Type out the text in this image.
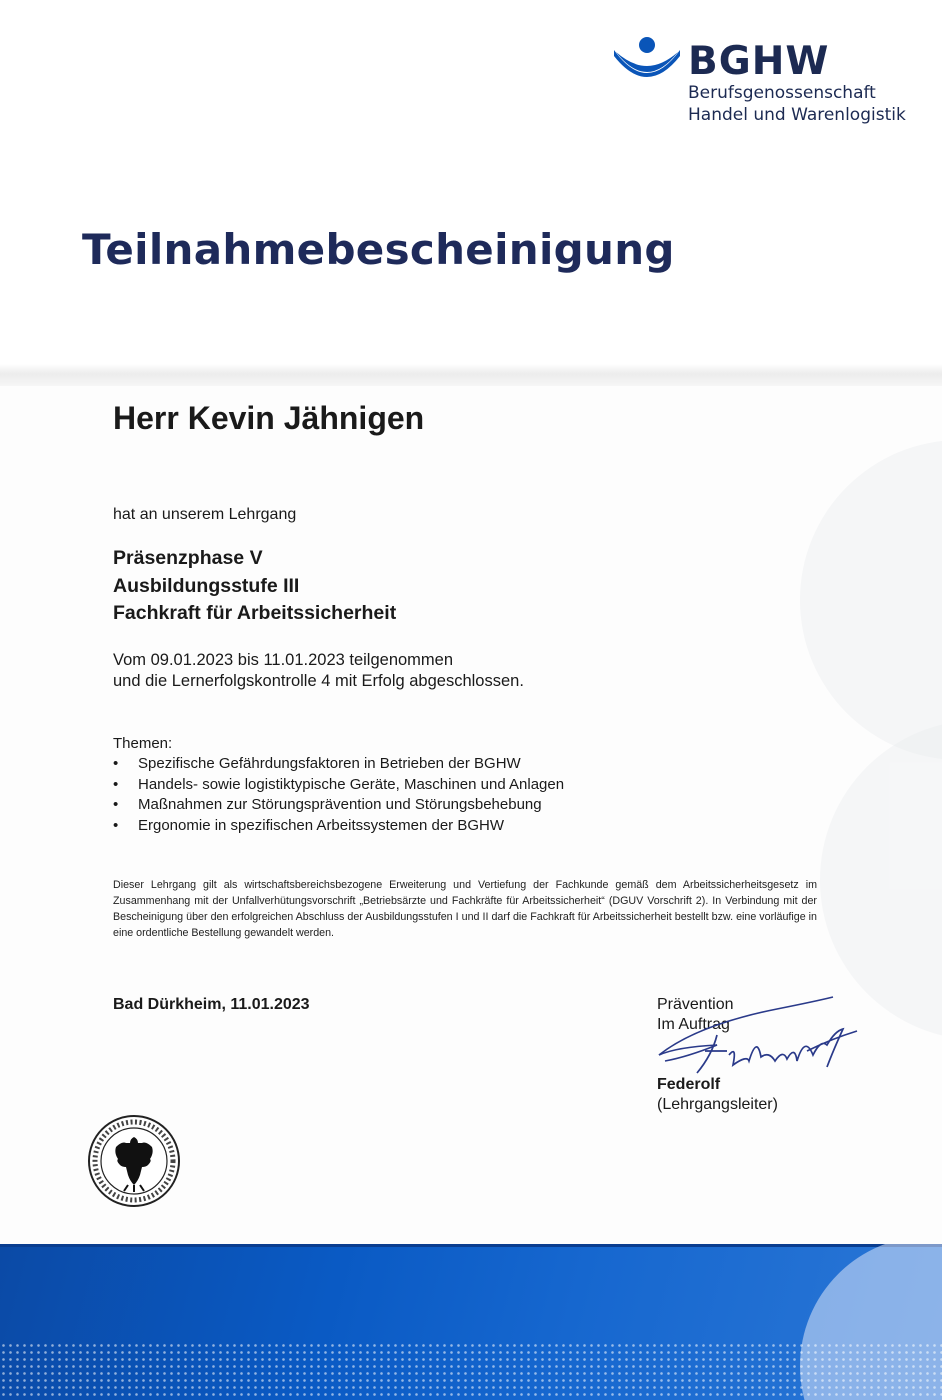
BGHW
Berufsgenossenschaft
Handel und Warenlogistik
Teilnahmebescheinigung
Herr Kevin Jähnigen
hat an unserem Lehrgang
Präsenzphase V
Ausbildungsstufe III
Fachkraft für Arbeitssicherheit
Vom 09.01.2023 bis 11.01.2023 teilgenommen
und die Lernerfolgskontrolle 4 mit Erfolg abgeschlossen.
Themen:
• Spezifische Gefährdungsfaktoren in Betrieben der BGHW
• Handels- sowie logistiktypische Geräte, Maschinen und Anlagen
• Maßnahmen zur Störungsprävention und Störungsbehebung
• Ergonomie in spezifischen Arbeitssystemen der BGHW
Dieser Lehrgang gilt als wirtschaftsbereichsbezogene Erweiterung und Vertiefung der Fachkunde gemäß dem Arbeitssicherheitsgesetz im Zusammenhang mit der Unfallverhütungsvorschrift „Betriebsärzte und Fachkräfte für Arbeitssicherheit“ (DGUV Vorschrift 2). In Verbindung mit der Bescheinigung über den erfolgreichen Abschluss der Ausbildungsstufen I und II darf die Fachkraft für Arbeitssicherheit bestellt bzw. eine vorläufige in eine ordentliche Bestellung gewandelt werden.
Bad Dürkheim, 11.01.2023	Prävention
Im Auftrag
Federolf
(Lehrgangsleiter)
